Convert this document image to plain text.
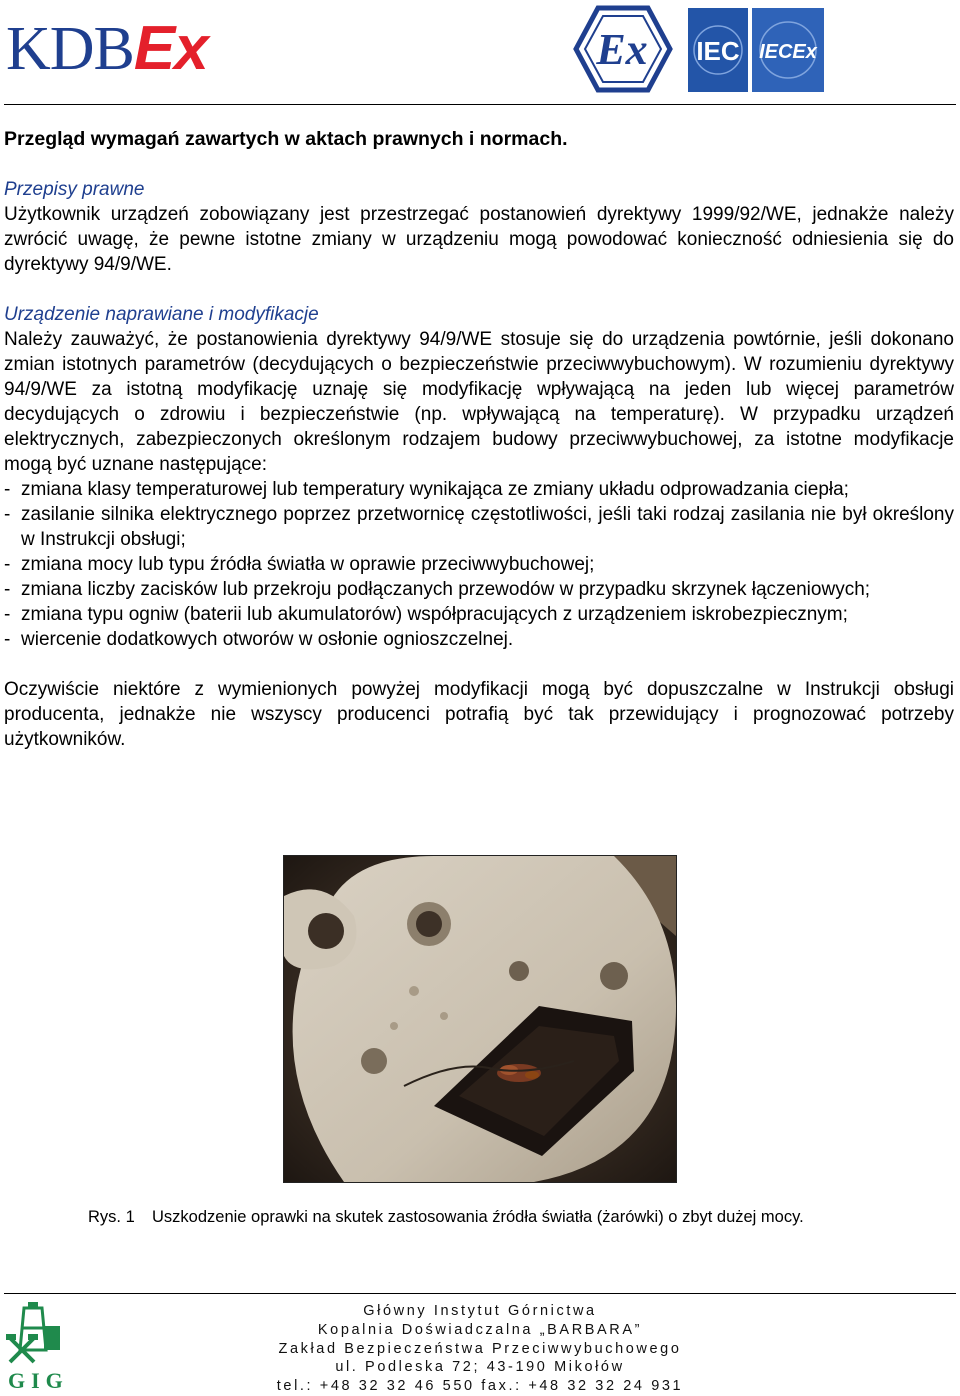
KDBEx	Ex IEC IECEx

Przegląd wymagań zawartych w aktach prawnych i normach.

Przepisy prawne

Użytkownik urządzeń zobowiązany jest przestrzegać postanowień dyrektywy 1999/92/WE, jednakże należy zwrócić uwagę, że pewne istotne zmiany w urządzeniu mogą powodować konieczność odniesienia się do dyrektywy 94/9/WE.

Urządzenie naprawiane i modyfikacje

Należy zauważyć, że postanowienia dyrektywy 94/9/WE stosuje się do urządzenia powtórnie, jeśli dokonano zmian istotnych parametrów (decydujących o bezpieczeństwie przeciwwybuchowym). W rozumieniu dyrektywy 94/9/WE za istotną modyfikację uznaję się modyfikację wpływającą na jeden lub więcej parametrów decydujących o zdrowiu i bezpieczeństwie (np. wpływającą na temperaturę). W przypadku urządzeń elektrycznych, zabezpieczonych określonym rodzajem budowy przeciwwybuchowej, za istotne modyfikacje mogą być uznane następujące:

- zmiana klasy temperaturowej lub temperatury wynikająca ze zmiany układu odprowadzania ciepła;
- zasilanie silnika elektrycznego poprzez przetwornicę częstotliwości, jeśli taki rodzaj zasilania nie był określony w Instrukcji obsługi;
- zmiana mocy lub typu źródła światła w oprawie przeciwwybuchowej;
- zmiana liczby zacisków lub przekroju podłączanych przewodów w przypadku skrzynek łączeniowych;
- zmiana typu ogniw (baterii lub akumulatorów) współpracujących z urządzeniem iskrobezpiecznym;
- wiercenie dodatkowych otworów w osłonie ognioszczelnej.

Oczywiście niektóre z wymienionych powyżej modyfikacji mogą być dopuszczalne w Instrukcji obsługi producenta, jednakże nie wszyscy producenci potrafią być tak przewidujący i prognozować potrzeby użytkowników.

Rys. 1 Uszkodzenie oprawki na skutek zastosowania źródła światła (żarówki) o zbyt dużej mocy.
GIG
Główny Instytut Górnictwa
Kopalnia Doświadczalna „BARBARA”
Zakład Bezpieczeństwa Przeciwwybuchowego
ul. Podleska 72; 43-190 Mikołów
tel.: +48 32 32 46 550 fax.: +48 32 32 24 931
